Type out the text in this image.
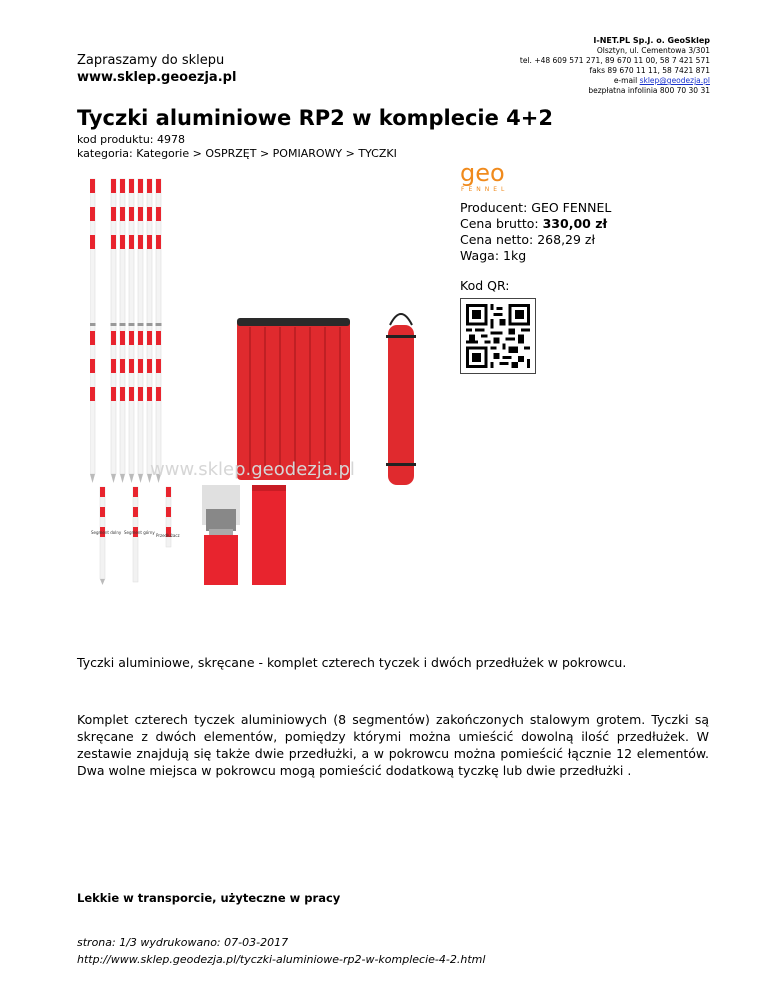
Zapraszamy do sklepu
www.sklep.geoezja.pl
I-NET.PL Sp.J. o. GeoSklep
Olsztyn, ul. Cementowa 3/301
tel. +48 609 571 271, 89 670 11 00, 58 7 421 571
faks 89 670 11 11, 58 7421 871
e-mail sklep@geodezja.pl
bezpłatna infolinia 800 70 30 31
Tyczki aluminiowe RP2 w komplecie 4+2
kod produktu: 4978
kategoria: Kategorie > OSPRZĘT > POMIAROWY > TYCZKI
www.sklep.geodezja.pl
Segment dolny Segment górny
Przedłużacz
geo
FENNEL
Producent: GEO FENNEL
Cena brutto: 330,00 zł
Cena netto: 268,29 zł
Waga: 1kg
Kod QR:
Tyczki aluminiowe, skręcane - komplet czterech tyczek i dwóch przedłużek w pokrowcu.
Komplet czterech tyczek aluminiowych (8 segmentów) zakończonych stalowym grotem. Tyczki są skręcane z dwóch elementów, pomiędzy którymi można umieścić dowolną ilość przedłużek. W zestawie znajdują się także dwie przedłużki, a w pokrowcu można pomieścić łącznie 12 elementów. Dwa wolne miejsca w pokrowcu mogą pomieścić dodatkową tyczkę lub dwie przedłużki .
Lekkie w transporcie, użyteczne w pracy
strona: 1/3 wydrukowano: 07-03-2017
http://www.sklep.geodezja.pl/tyczki-aluminiowe-rp2-w-komplecie-4-2.html
